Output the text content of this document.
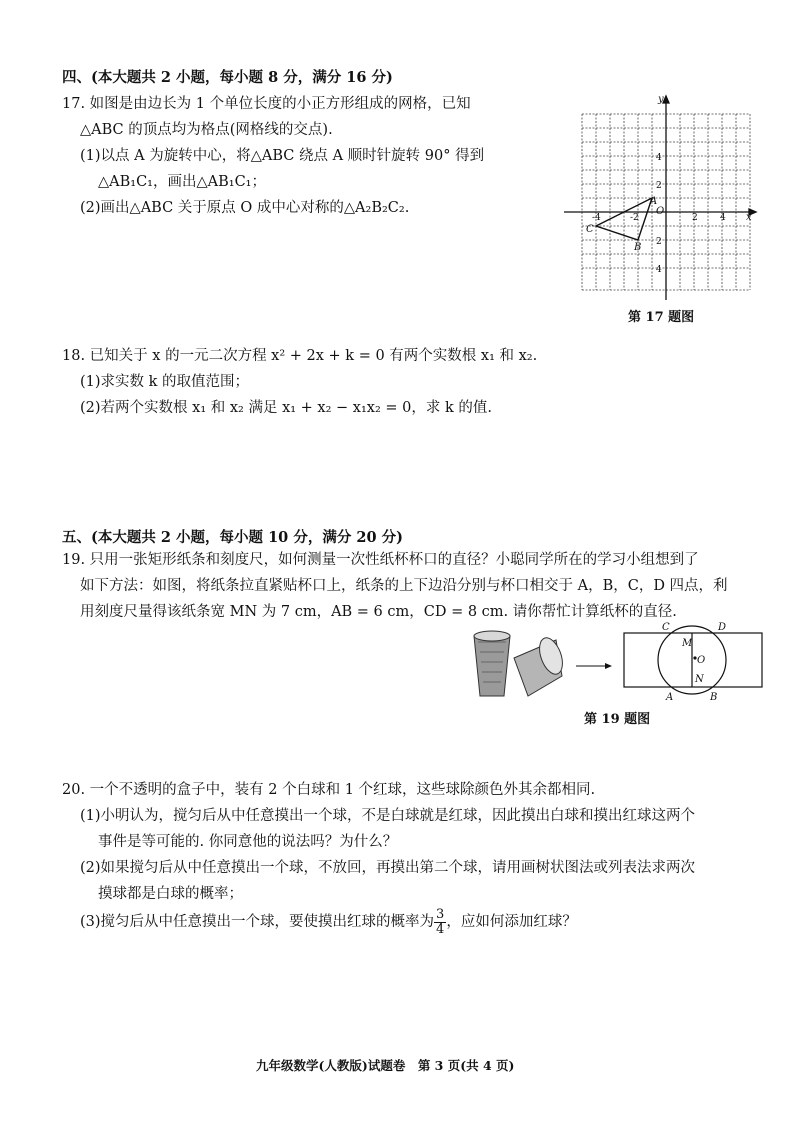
四、(本大题共 2 小题，每小题 8 分，满分 16 分)
17. 如图是由边长为 1 个单位长度的小正方形组成的网格，已知
△ABC 的顶点均为格点(网格线的交点).
(1)以点 A 为旋转中心，将△ABC 绕点 A 顺时针旋转 90° 得到
△AB₁C₁，画出△AB₁C₁；
(2)画出△ABC 关于原点 O 成中心对称的△A₂B₂C₂.
y
x
O
A
B
C
-4	-2	2 4
4
2
2
4
第 17 题图
18. 已知关于 x 的一元二次方程 x² + 2x + k = 0 有两个实数根 x₁ 和 x₂.
(1)求实数 k 的取值范围；
(2)若两个实数根 x₁ 和 x₂ 满足 x₁ + x₂ − x₁x₂ = 0，求 k 的值.
五、(本大题共 2 小题，每小题 10 分，满分 20 分)
19. 只用一张矩形纸条和刻度尺，如何测量一次性纸杯杯口的直径？小聪同学所在的学习小组想到了
如下方法：如图，将纸条拉直紧贴杯口上，纸条的上下边沿分别与杯口相交于 A，B，C，D 四点，利
用刻度尺量得该纸条宽 MN 为 7 cm，AB = 6 cm，CD = 8 cm. 请你帮忙计算纸杯的直径.
C	D
M
O
N
A	B
第 19 题图
20. 一个不透明的盒子中，装有 2 个白球和 1 个红球，这些球除颜色外其余都相同.
(1)小明认为，搅匀后从中任意摸出一个球，不是白球就是红球，因此摸出白球和摸出红球这两个
事件是等可能的. 你同意他的说法吗？为什么？
(2)如果搅匀后从中任意摸出一个球，不放回，再摸出第二个球，请用画树状图法或列表法求两次
摸球都是白球的概率；
(3)搅匀后从中任意摸出一个球，要使摸出红球的概率为 $\frac{3}{4}$ ，应如何添加红球？
九年级数学(人教版)试题卷　第 3 页(共 4 页)
